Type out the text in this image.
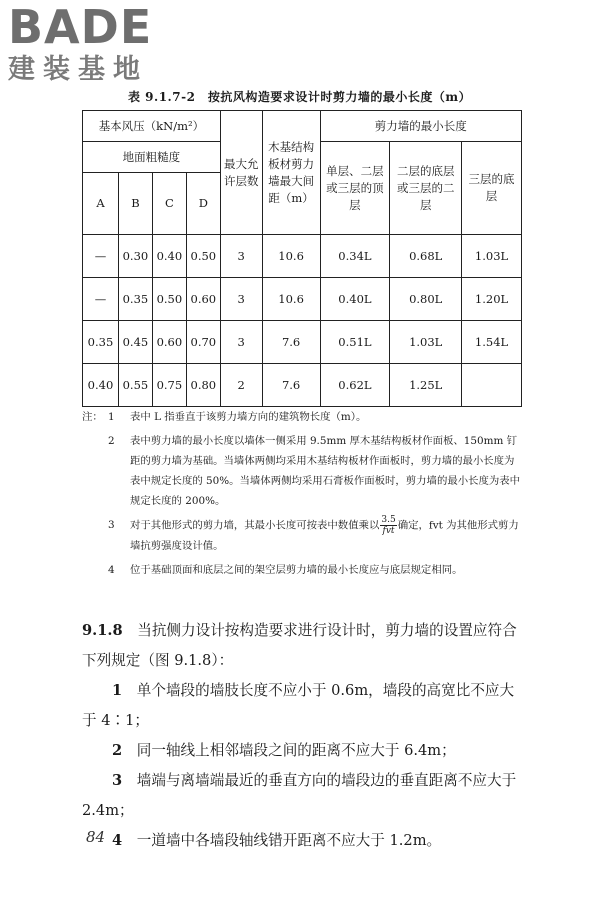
BADE
建装基地
表 9.1.7-2　按抗风构造要求设计时剪力墙的最小长度（m）
基本风压（kN/m²）				最大允许层数	木基结构板材剪力墙最大间距（m）	剪力墙的最小长度		
地面粗糙度						单层、二层或三层的顶层	二层的底层或三层的二层	三层的底层
A	B	C	D					
—	0.30	0.40	0.50	3	10.6	0.34L	0.68L	1.03L
—	0.35	0.50	0.60	3	10.6	0.40L	0.80L	1.20L
0.35	0.45	0.60	0.70	3	7.6	0.51L	1.03L	1.54L
0.40	0.55	0.75	0.80	2	7.6	0.62L	1.25L	
注： 1	表中 L 指垂直于该剪力墙方向的建筑物长度（m）。
2	表中剪力墙的最小长度以墙体一侧采用 9.5mm 厚木基结构板材作面板、150mm 钉距的剪力墙为基础。当墙体两侧均采用木基结构板材作面板时，剪力墙的最小长度为表中规定长度的 50%。当墙体两侧均采用石膏板作面板时，剪力墙的最小长度为表中规定长度的 200%。
3	对于其他形式的剪力墙，其最小长度可按表中数值乘以 $\frac{3.5}{\text{fvt}}$ 确定，fvt 为其他形式剪力墙抗剪强度设计值。
4	位于基础顶面和底层之间的架空层剪力墙的最小长度应与底层规定相同。

9.1.8　 当抗侧力设计按构造要求进行设计时，剪力墙的设置应符合下列规定（图 9.1.8）：

1　 单个墙段的墙肢长度不应小于 0.6m，墙段的高宽比不应大于 4∶1；

2　 同一轴线上相邻墙段之间的距离不应大于 6.4m；

3　 墙端与离墙端最近的垂直方向的墙段边的垂直距离不应大于 2.4m；

4　 一道墙中各墙段轴线错开距离不应大于 1.2m。

84
